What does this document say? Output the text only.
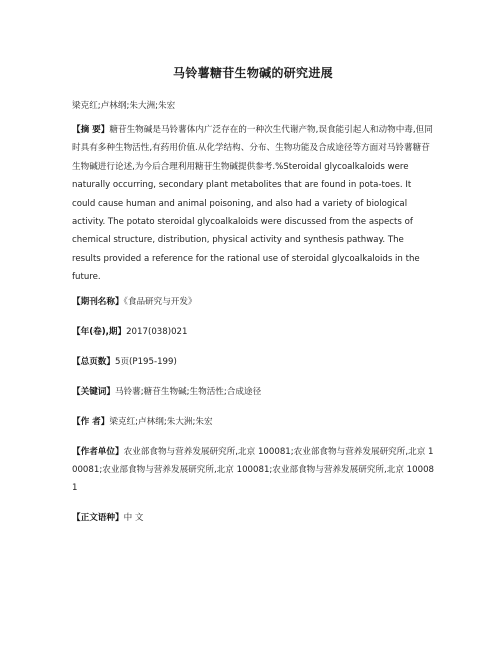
马铃薯糖苷生物碱的研究进展
梁克红;卢林纲;朱大洲;朱宏

【摘 要】糖苷生物碱是马铃薯体内广泛存在的一种次生代谢产物,误食能引起人和动物中毒,但同时具有多种生物活性,有药用价值.从化学结构、分布、生物功能及合成途径等方面对马铃薯糖苷生物碱进行论述,为今后合理利用糖苷生物碱提供参考.%Steroidal glycoalkaloids were naturally occurring, secondary plant metabolites that are found in pota-toes. It could cause human and animal poisoning, and also had a variety of biological activity. The potato steroidal glycoalkaloids were discussed from the aspects of chemical structure, distribution, physical activity and synthesis pathway. The results provided a reference for the rational use of steroidal glycoalkaloids in the future.

【期刊名称】《食品研究与开发》

【年(卷),期】2017(038)021

【总页数】5页(P195-199)

【关键词】马铃薯;糖苷生物碱;生物活性;合成途径

【作 者】梁克红;卢林纲;朱大洲;朱宏

【作者单位】农业部食物与营养发展研究所,北京 100081;农业部食物与营养发展研究所,北京 100081;农业部食物与营养发展研究所,北京 100081;农业部食物与营养发展研究所,北京 100081

【正文语种】中 文
